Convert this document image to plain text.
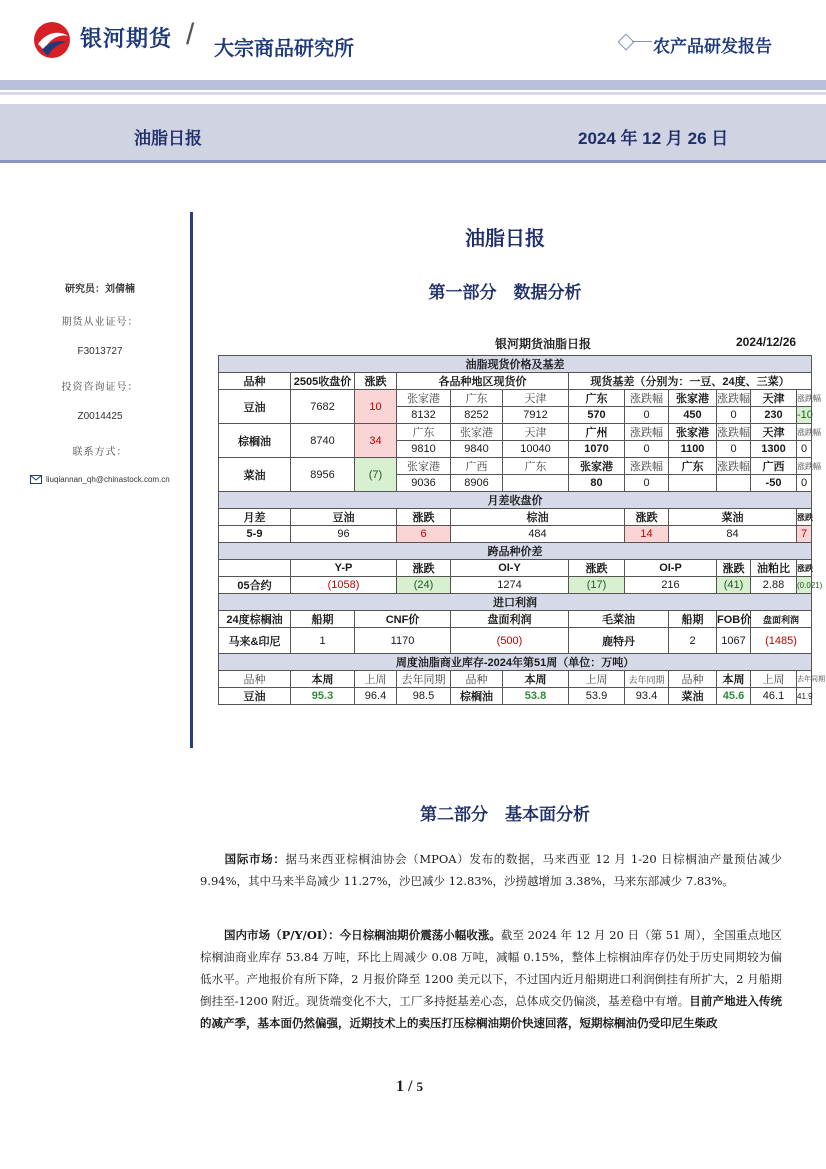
银河期货 / 大宗商品研究所	农产品研发报告
油脂日报	2024 年 12 月 26 日
研究员：刘倩楠
期货从业证号：
F3013727
投资咨询证号：
Z0014425
联系方式：
liuqiannan_qh@chinastock.com.cn
油脂日报
第一部分　数据分析
银河期货油脂日报	2024/12/26
油脂现货价格及基差											
品种	2505收盘价	涨跌	各品种地区现货价			现货基差（分别为：一豆、24度、三菜）					
豆油	7682	10	张家港	广东	天津	广东	涨跌幅	张家港	涨跌幅	天津	涨跌幅
			8132	8252	7912	570	0	450	0	230	-10
棕榈油	8740	34	广东	张家港	天津	广州	涨跌幅	张家港	涨跌幅	天津	涨跌幅
			9810	9840	10040	1070	0	1100	0	1300	0
菜油	8956	(7)	张家港	广西	广东	张家港	涨跌幅	广东	涨跌幅	广西	涨跌幅
			9036	8906		80	0			-50	0
月差收盘价											
月差	豆油		涨跌	棕油			涨跌	菜油			涨跌
5-9	96		6	484			14	84			7
跨品种价差											
	Y-P		涨跌	OI-Y		涨跌	OI-P		涨跌	油粕比	涨跌
05合约	(1058)		(24)	1274		(17)	216		(41)	2.88	(0.021)
进口利润											
24度棕榈油	船期	CNF价		盘面利润		毛菜油		船期	FOB价	盘面利润	
马来&印尼	1	1170		(500)		鹿特丹		2	1067	(1485)	
周度油脂商业库存-2024年第51周（单位：万吨）											
品种	本周	上周	去年同期	品种	本周	上周	去年同期	品种	本周	上周	去年同期
豆油	95.3	96.4	98.5	棕榈油	53.8	53.9	93.4	菜油	45.6	46.1	41.9
第二部分　基本面分析
国际市场：据马来西亚棕榈油协会（MPOA）发布的数据，马来西亚 12 月 1-20 日棕榈油产量预估减少 9.94%，其中马来半岛减少 11.27%，沙巴减少 12.83%，沙捞越增加 3.38%，马来东部减少 7.83%。
国内市场（P/Y/OI）：今日棕榈油期价震荡小幅收涨。截至 2024 年 12 月 20 日（第 51 周），全国重点地区棕榈油商业库存 53.84 万吨，环比上周减少 0.08 万吨，减幅 0.15%，整体上棕榈油库存仍处于历史同期较为偏低水平。产地报价有所下降，2 月报价降至 1200 美元以下，不过国内近月船期进口利润倒挂有所扩大，2 月船期倒挂至-1200 附近。现货端变化不大，工厂多持挺基差心态，总体成交仍偏淡，基差稳中有增。目前产地进入传统的减产季，基本面仍然偏强，近期技术上的卖压打压棕榈油期价快速回落，短期棕榈油仍受印尼生柴政
1 / 5
